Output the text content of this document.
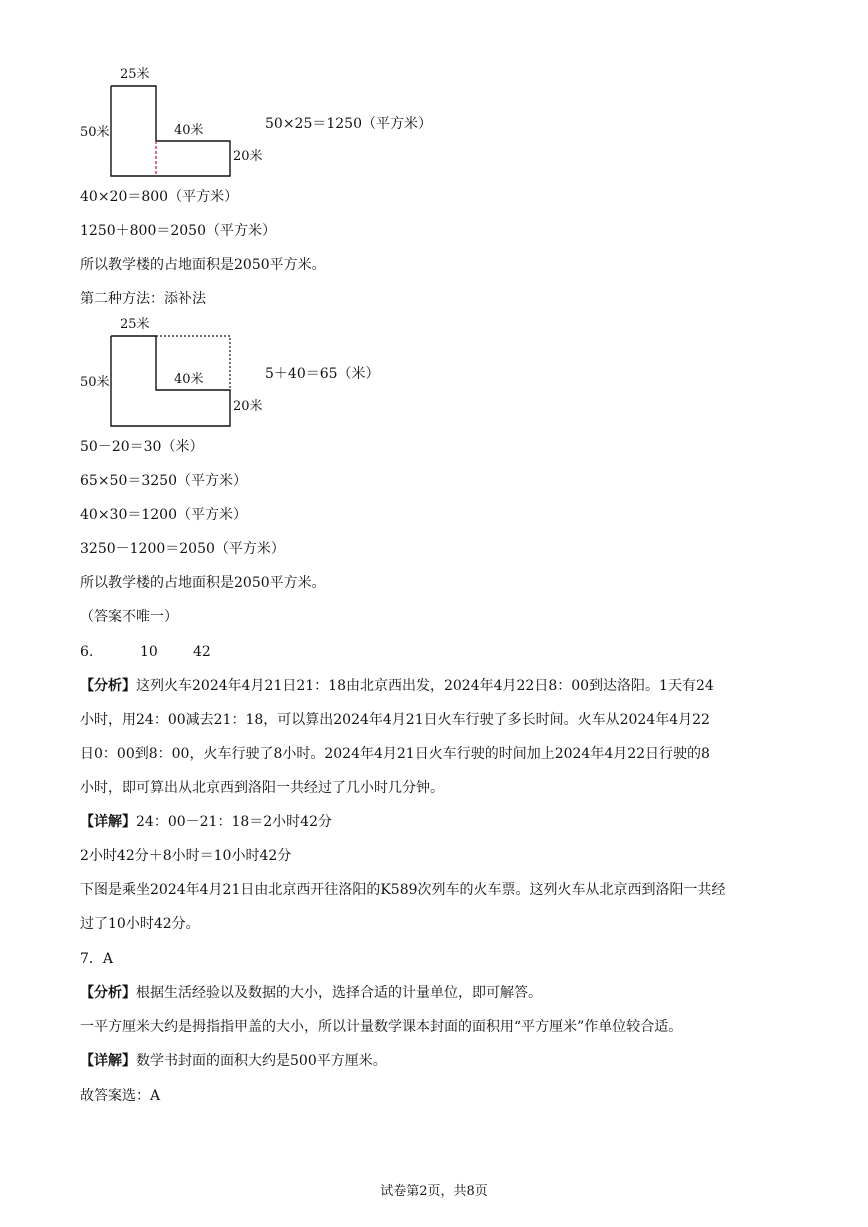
25米
50米	40米
20米
50×25＝1250（平方米）
40×20＝800（平方米）
1250＋800＝2050（平方米）
所以教学楼的占地面积是2050平方米。
第二种方法：添补法
25米
50米	40米
20米
5＋40＝65（米）
50－20＝30（米）
65×50＝3250（平方米）
40×30＝1200（平方米）
3250－1200＝2050（平方米）
所以教学楼的占地面积是2050平方米。
（答案不唯一）
6.	10	42
【分析】这列火车2024年4月21日21：18由北京西出发，2024年4月22日8：00到达洛阳。1天有24
小时，用24：00减去21：18，可以算出2024年4月21日火车行驶了多长时间。火车从2024年4月22
日0：00到8：00，火车行驶了8小时。2024年4月21日火车行驶的时间加上2024年4月22日行驶的8
小时，即可算出从北京西到洛阳一共经过了几小时几分钟。
【详解】24：00－21：18＝2小时42分
2小时42分＋8小时＝10小时42分
下图是乘坐2024年4月21日由北京西开往洛阳的K589次列车的火车票。这列火车从北京西到洛阳一共经
过了10小时42分。
7．A
【分析】根据生活经验以及数据的大小，选择合适的计量单位，即可解答。
一平方厘米大约是拇指指甲盖的大小，所以计量数学课本封面的面积用“平方厘米”作单位较合适。
【详解】数学书封面的面积大约是500平方厘米。
故答案选：A
试卷第2页，共8页
